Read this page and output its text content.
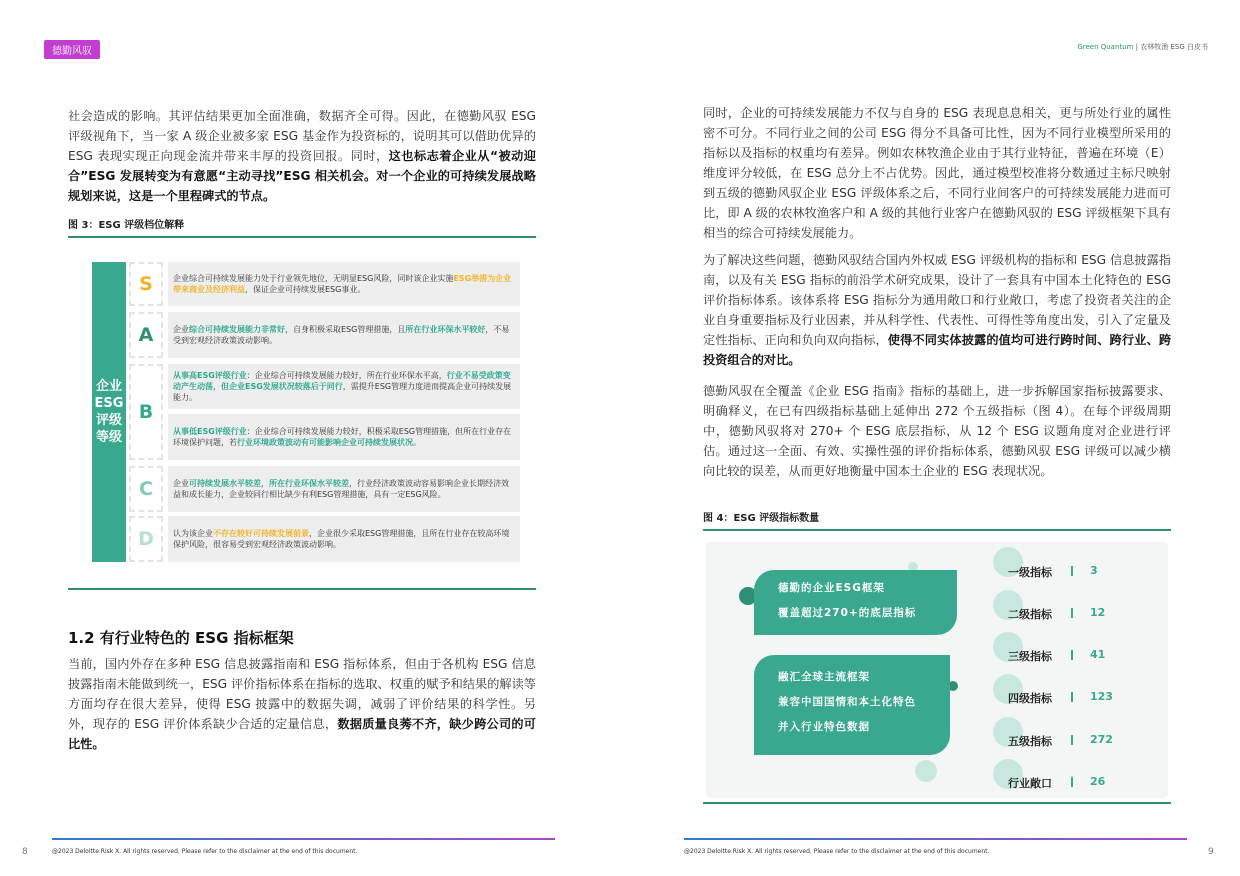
德勤风驭
社会造成的影响。其评估结果更加全面准确，数据齐全可得。因此，在德勤风驭 ESG 评级视角下，当一家 A 级企业被多家 ESG 基金作为投资标的，说明其可以借助优异的 ESG 表现实现正向现金流并带来丰厚的投资回报。同时，这也标志着企业从“被动迎合”ESG 发展转变为有意愿“主动寻找”ESG 相关机会。对一个企业的可持续发展战略规划来说，这是一个里程碑式的节点。
图 3：ESG 评级档位解释
企业ESG评级等级
S	企业综合可持续发展能力处于行业领先地位，无明显ESG风险，同时该企业实施ESG举措为企业带来商业及经济利益，保证企业可持续发展ESG事业。
A 企业综合可持续发展能力非常好，自身积极采取ESG管理措施，且所在行业环保水平较好，不易受到宏观经济政策波动影响。
B
从事高ESG评级行业：企业综合可持续发展能力较好，所在行业环保水平高，行业不易受政策变动产生动荡，但企业ESG发展状况较落后于同行，需提升ESG管理力度进而提高企业可持续发展能力。
从事低ESG评级行业：企业综合可持续发展能力较好，积极采取ESG管理措施，但所在行业存在环境保护问题，若行业环境政策波动有可能影响企业可持续发展状况。
C	企业可持续发展水平较差，所在行业环保水平较差，行业经济政策波动容易影响企业长期经济效益和成长能力，企业较同行相比缺少有利ESG管理措施，具有一定ESG风险。
D 认为该企业不存在较好可持续发展前景，企业很少采取ESG管理措施，且所在行业存在较高环境保护风险，很容易受到宏观经济政策波动影响。
1.2 有行业特色的 ESG 指标框架
当前，国内外存在多种 ESG 信息披露指南和 ESG 指标体系，但由于各机构 ESG 信息披露指南未能做到统一，ESG 评价指标体系在指标的选取、权重的赋予和结果的解读等方面均存在很大差异，使得 ESG 披露中的数据失调，减弱了评价结果的科学性。另外，现存的 ESG 评价体系缺少合适的定量信息，数据质量良莠不齐，缺少跨公司的可比性。
@2023 Deloitte Risk X. All rights reserved. Please refer to the disclaimer at the end of this document.
8
Green Quantum | 农林牧渔 ESG 白皮书
同时，企业的可持续发展能力不仅与自身的 ESG 表现息息相关，更与所处行业的属性密不可分。不同行业之间的公司 ESG 得分不具备可比性，因为不同行业模型所采用的指标以及指标的权重均有差异。例如农林牧渔企业由于其行业特征，普遍在环境（E）维度评分较低，在 ESG 总分上不占优势。因此，通过模型校准将分数通过主标尺映射到五级的德勤风驭企业 ESG 评级体系之后，不同行业间客户的可持续发展能力进而可比，即 A 级的农林牧渔客户和 A 级的其他行业客户在德勤风驭的 ESG 评级框架下具有相当的综合可持续发展能力。
为了解决这些问题，德勤风驭结合国内外权威 ESG 评级机构的指标和 ESG 信息披露指南，以及有关 ESG 指标的前沿学术研究成果，设计了一套具有中国本土化特色的 ESG 评价指标体系。该体系将 ESG 指标分为通用敞口和行业敞口，考虑了投资者关注的企业自身重要指标及行业因素，并从科学性、代表性、可得性等角度出发，引入了定量及定性指标、正向和负向双向指标，使得不同实体披露的值均可进行跨时间、跨行业、跨投资组合的对比。
德勤风驭在全覆盖《企业 ESG 指南》指标的基础上，进一步拆解国家指标披露要求、明确释义，在已有四级指标基础上延伸出 272 个五级指标（图 4）。在每个评级周期中，德勤风驭将对 270+ 个 ESG 底层指标，从 12 个 ESG 议题角度对企业进行评估。通过这一全面、有效、实操性强的评价指标体系，德勤风驭 ESG 评级可以减少横向比较的误差，从而更好地衡量中国本土企业的 ESG 表现状况。
图 4：ESG 评级指标数量
德勤的企业ESG框架
覆盖超过270+的底层指标
融汇全球主流框架
兼容中国国情和本土化特色
并入行业特色数据
一级指标	3
二级指标	12
三级指标	41
四级指标	123
五级指标	272
行业敞口	26
@2023 Deloitte Risk X. All rights reserved. Please refer to the disclaimer at the end of this document.	9
